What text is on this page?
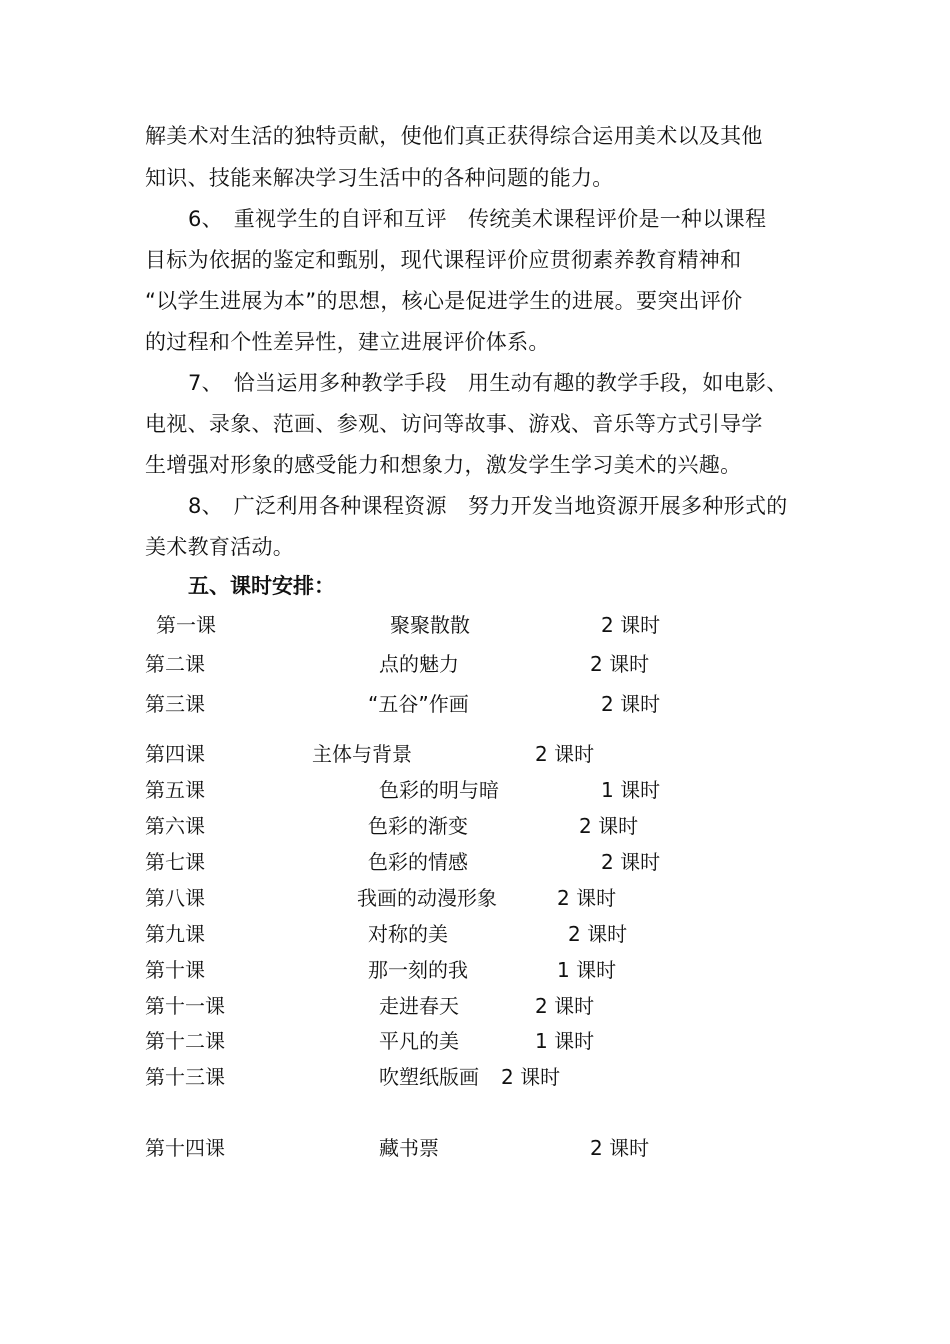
解美术对生活的独特贡献，使他们真正获得综合运用美术以及其他
知识、技能来解决学习生活中的各种问题的能力。
6、　重视学生的自评和互评　传统美术课程评价是一种以课程
目标为依据的鉴定和甄别，现代课程评价应贯彻素养教育精神和
“以学生进展为本”的思想，核心是促进学生的进展。要突出评价
的过程和个性差异性，建立进展评价体系。
7、　恰当运用多种教学手段　用生动有趣的教学手段，如电影、
电视、录象、范画、参观、访问等故事、游戏、音乐等方式引导学
生增强对形象的感受能力和想象力，激发学生学习美术的兴趣。
8、　广泛利用各种课程资源　努力开发当地资源开展多种形式的
美术教育活动。
五、课时安排：
第一课	聚聚散散	2 课时
第二课	点的魅力	2 课时
第三课	“五谷”作画	2 课时
第四课	主体与背景	2 课时
第五课	色彩的明与暗	1 课时
第六课	色彩的渐变	2 课时
第七课	色彩的情感	2 课时
第八课	我画的动漫形象	2 课时
第九课	对称的美	2 课时
第十课	那一刻的我	1 课时
第十一课	走进春天	2 课时
第十二课	平凡的美	1 课时
第十三课	吹塑纸版画 2 课时
第十四课	藏书票	2 课时
